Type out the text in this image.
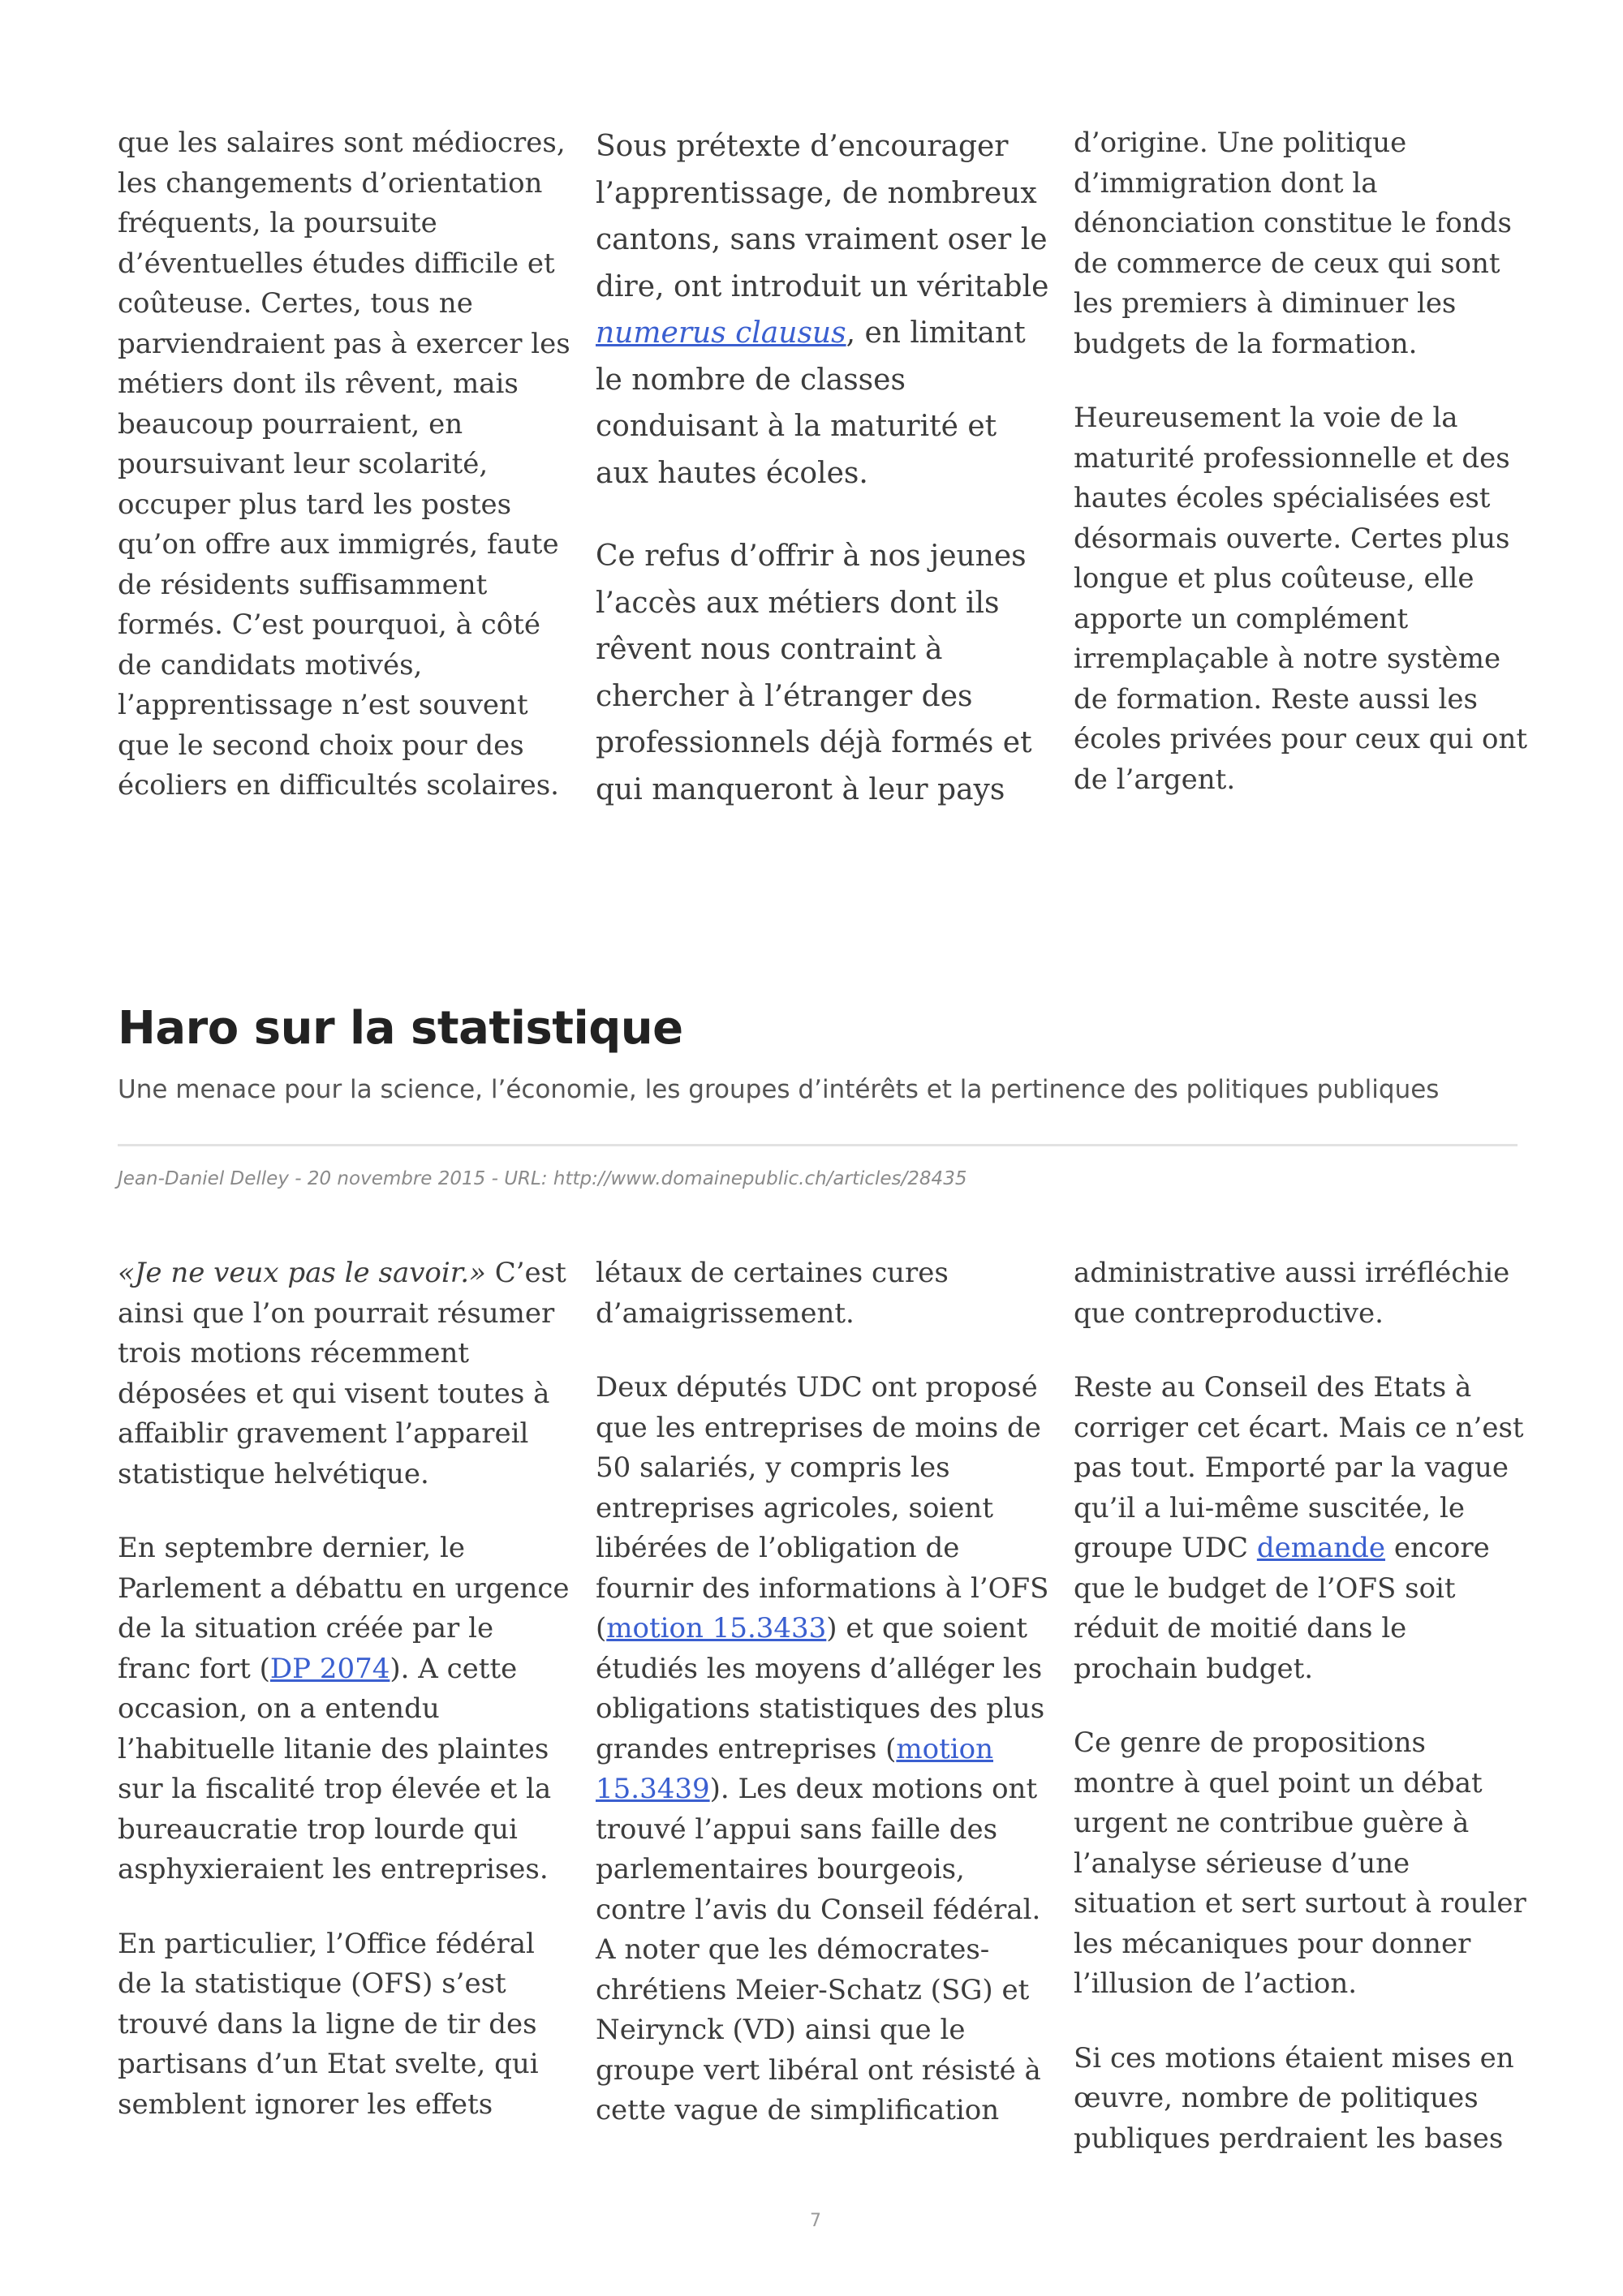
que les salaires sont médiocres, les changements d’orientation fréquents, la poursuite d’éventuelles études difficile et coûteuse. Certes, tous ne parviendraient pas à exercer les métiers dont ils rêvent, mais beaucoup pourraient, en poursuivant leur scolarité, occuper plus tard les postes qu’on offre aux immigrés, faute de résidents suffisamment formés. C’est pourquoi, à côté de candidats motivés, l’apprentissage n’est souvent que le second choix pour des écoliers en difficultés scolaires.

Sous prétexte d’encourager l’apprentissage, de nombreux cantons, sans vraiment oser le dire, ont introduit un véritable numerus clausus, en limitant le nombre de classes conduisant à la maturité et aux hautes écoles.

Ce refus d’offrir à nos jeunes l’accès aux métiers dont ils rêvent nous contraint à chercher à l’étranger des professionnels déjà formés et qui manqueront à leur pays

d’origine. Une politique d’immigration dont la dénonciation constitue le fonds de commerce de ceux qui sont les premiers à diminuer les budgets de la formation.

Heureusement la voie de la maturité professionnelle et des hautes écoles spécialisées est désormais ouverte. Certes plus longue et plus coûteuse, elle apporte un complément irremplaçable à notre système de formation. Reste aussi les écoles privées pour ceux qui ont de l’argent.

Haro sur la statistique

Une menace pour la science, l’économie, les groupes d’intérêts et la pertinence des politiques publiques

Jean-Daniel Delley - 20 novembre 2015 - URL: http://www.domainepublic.ch/articles/28435

«Je ne veux pas le savoir.» C’est ainsi que l’on pourrait résumer trois motions récemment déposées et qui visent toutes à affaiblir gravement l’appareil statistique helvétique.

En septembre dernier, le Parlement a débattu en urgence de la situation créée par le franc fort (DP 2074). A cette occasion, on a entendu l’habituelle litanie des plaintes sur la fiscalité trop élevée et la bureaucratie trop lourde qui asphyxieraient les entreprises.

En particulier, l’Office fédéral de la statistique (OFS) s’est trouvé dans la ligne de tir des partisans d’un Etat svelte, qui semblent ignorer les effets

létaux de certaines cures d’amaigrissement.

Deux députés UDC ont proposé que les entreprises de moins de 50 salariés, y compris les entreprises agricoles, soient libérées de l’obligation de fournir des informations à l’OFS (motion 15.3433) et que soient étudiés les moyens d’alléger les obligations statistiques des plus grandes entreprises (motion 15.3439). Les deux motions ont trouvé l’appui sans faille des parlementaires bourgeois, contre l’avis du Conseil fédéral. A noter que les démocrates-chrétiens Meier-Schatz (SG) et Neirynck (VD) ainsi que le groupe vert libéral ont résisté à cette vague de simplification

administrative aussi irréfléchie que contreproductive.

Reste au Conseil des Etats à corriger cet écart. Mais ce n’est pas tout. Emporté par la vague qu’il a lui-même suscitée, le groupe UDC demande encore que le budget de l’OFS soit réduit de moitié dans le prochain budget.

Ce genre de propositions montre à quel point un débat urgent ne contribue guère à l’analyse sérieuse d’une situation et sert surtout à rouler les mécaniques pour donner l’illusion de l’action.

Si ces motions étaient mises en œuvre, nombre de politiques publiques perdraient les bases

7
